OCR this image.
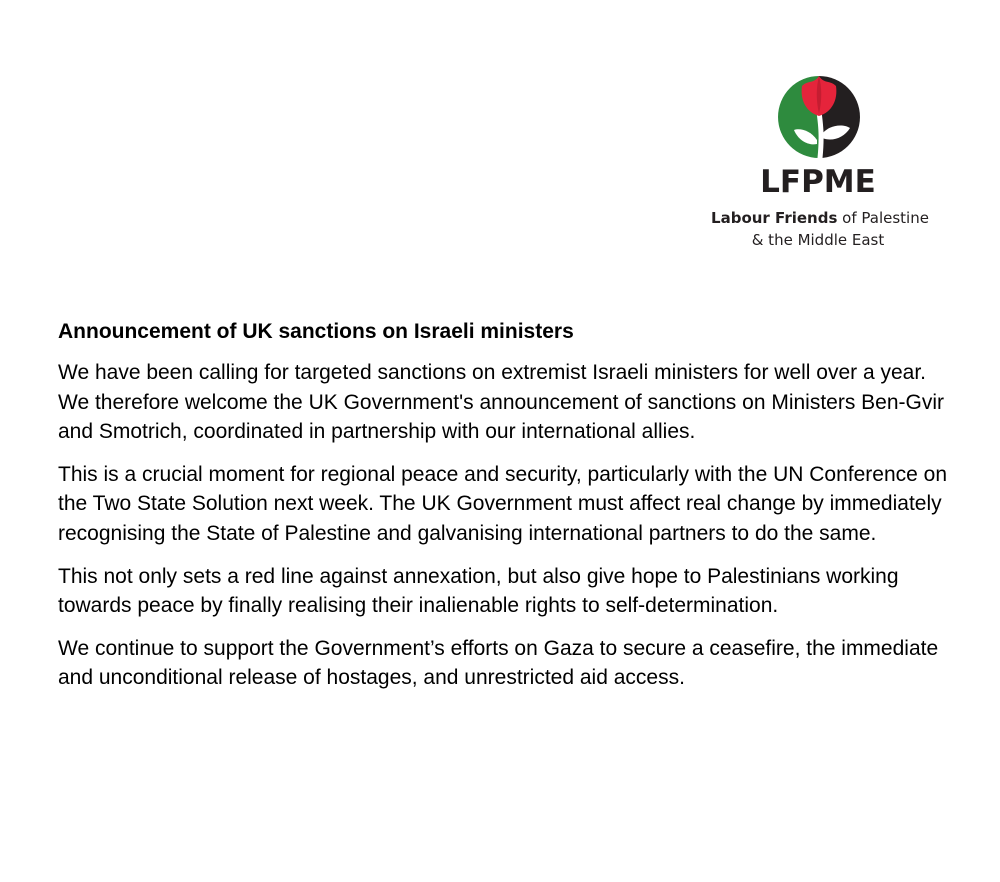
LFPME
Labour Friends of Palestine
& the Middle East
Announcement of UK sanctions on Israeli ministers

We have been calling for targeted sanctions on extremist Israeli ministers for well over a year. We therefore welcome the UK Government's announcement of sanctions on Ministers Ben-Gvir and Smotrich, coordinated in partnership with our international allies.

This is a crucial moment for regional peace and security, particularly with the UN Conference on the Two State Solution next week. The UK Government must affect real change by immediately recognising the State of Palestine and galvanising international partners to do the same.

This not only sets a red line against annexation, but also give hope to Palestinians working towards peace by finally realising their inalienable rights to self-determination.

We continue to support the Government’s efforts on Gaza to secure a ceasefire, the immediate and unconditional release of hostages, and unrestricted aid access.
